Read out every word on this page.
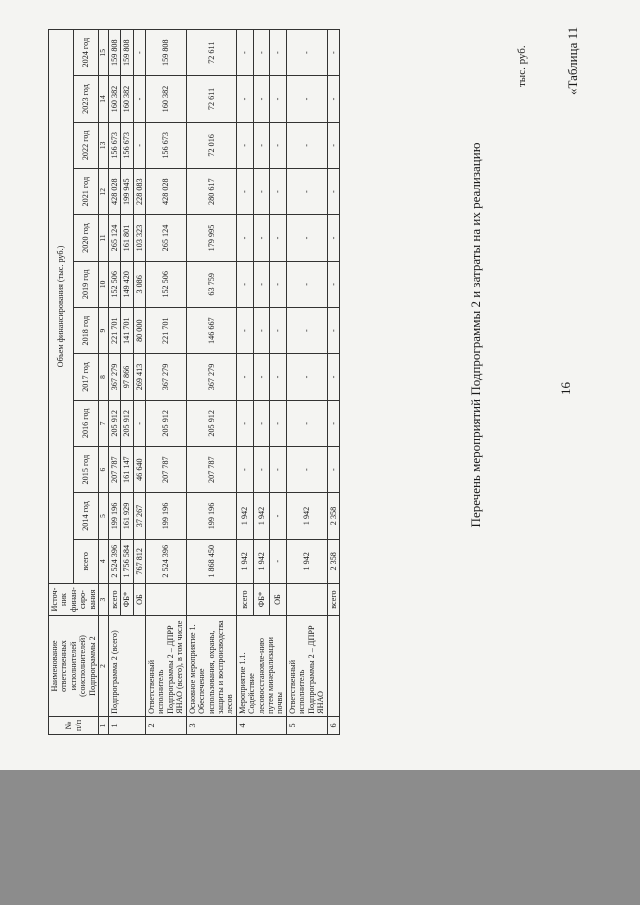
16
«Таблица 11
Перечень мероприятий Подпрограммы 2 и затраты на их реализацию
тыс. руб.
№ п/п	Наименование ответственных исполнителей (соисполнителей) Подпрограммы 2	Источ-ник финан-сиро-вания	Объем финансирования (тыс. руб.)											
			всего	2014 год	2015 год	2016 год	2017 год	2018 год	2019 год	2020 год	2021 год	2022 год	2023 год	2024 год
1	2	3	4	5	6	7	8	9	10	11	12	13	14	15
1	Подпрограмма 2 (всего)	всего	2 524 396	199 196	207 787	205 912	367 279	221 701	152 506	265 124	428 028	156 673	160 382	159 808
		ФБ*	1 756 584	161 929	161 147	205 912	97 866	141 701	149 420	161 801	199 945	156 673	160 382	159 808
		ОБ	767 812	37 267	46 640	-	269 413	80 000	3 086	103 323	228 083	-	-	-
2	Ответственный исполнитель Подпрограммы 2 – ДПРР ЯНАО (всего), в том числе		2 524 396	199 196	207 787	205 912	367 279	221 701	152 506	265 124	428 028	156 673	160 382	159 808
3	Основное мероприятие 1. Обеспечение использования, охраны, защиты и воспроизводства лесов		1 868 450	199 196	207 787	205 912	367 279	146 667	63 759	179 995	280 617	72 016	72 611	72 611
4	Мероприятие 1.1. Содействие лесовосстановле-нию путем минерализации почвы	всего	1 942	1 942	-	-	-	-	-	-	-	-	-	-
		ФБ*	1 942	1 942	-	-	-	-	-	-	-	-	-	-
		ОБ	-	-	-	-	-	-	-	-	-	-	-	-
5	Ответственный исполнитель Подпрограммы 2 – ДПРР ЯНАО		1 942	1 942	-	-	-	-	-	-	-	-	-	-
6		всего	2 358	2 358	-	-	-	-	-	-	-	-	-	-
